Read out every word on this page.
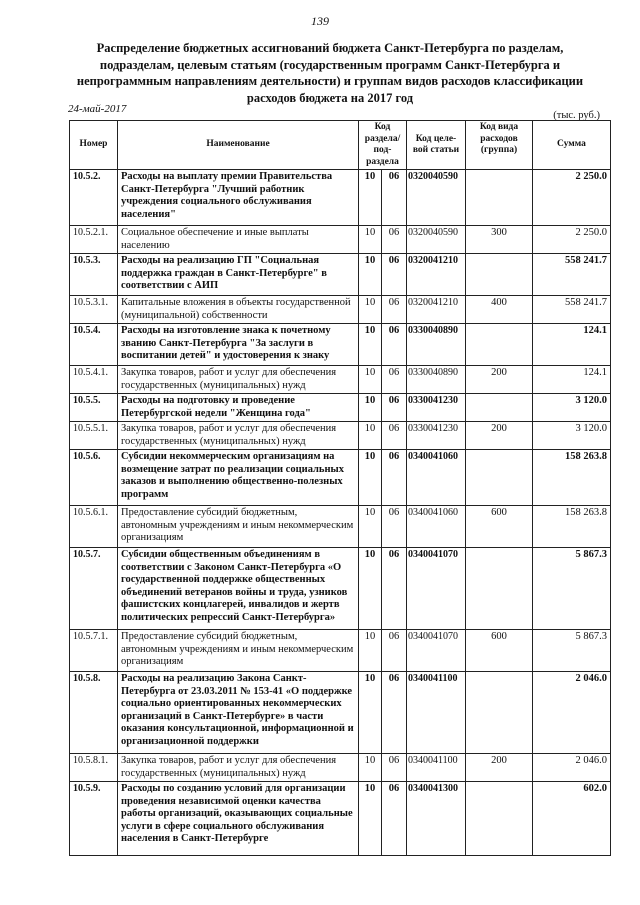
139
Распределение бюджетных ассигнований бюджета Санкт-Петербурга по разделам, подразделам, целевым статьям (государственным программ Санкт-Петербурга и непрограммным направлениям деятельности) и группам видов расходов классификации расходов бюджета на 2017 год
24-май-2017
(тыс. руб.)
Номер	Наименование	Код раздела/ под-раздела		Код целе-вой статьи	Код вида расходов (группа)	Сумма
10.5.2.	Расходы на выплату премии Правительства Санкт-Петербурга "Лучший работник учреждения социального обслуживания населения"	10	06	0320040590		2 250.0
10.5.2.1.	Социальное обеспечение и иные выплаты населению	10	06	0320040590	300	2 250.0
10.5.3.	Расходы на реализацию ГП "Социальная поддержка граждан в Санкт-Петербурге" в соответствии с АИП	10	06	0320041210		558 241.7
10.5.3.1.	Капитальные вложения в объекты государственной (муниципальной) собственности	10	06	0320041210	400	558 241.7
10.5.4.	Расходы на изготовление знака к почетному званию Санкт-Петербурга "За заслуги в воспитании детей" и удостоверения к знаку	10	06	0330040890		124.1
10.5.4.1.	Закупка товаров, работ и услуг для обеспечения государственных (муниципальных) нужд	10	06	0330040890	200	124.1
10.5.5.	Расходы на подготовку и проведение Петербургской недели "Женщина года"	10	06	0330041230		3 120.0
10.5.5.1.	Закупка товаров, работ и услуг для обеспечения государственных (муниципальных) нужд	10	06	0330041230	200	3 120.0
10.5.6.	Субсидии некоммерческим организациям на возмещение затрат по реализации социальных заказов и выполнению общественно-полезных программ	10	06	0340041060		158 263.8
10.5.6.1.	Предоставление субсидий бюджетным, автономным учреждениям и иным некоммерческим организациям	10	06	0340041060	600	158 263.8
10.5.7.	Субсидии общественным объединениям в соответствии с Законом Санкт-Петербурга «О государственной поддержке общественных объединений ветеранов войны и труда, узников фашистских концлагерей, инвалидов и жертв политических репрессий Санкт-Петербурга»	10	06	0340041070		5 867.3
10.5.7.1.	Предоставление субсидий бюджетным, автономным учреждениям и иным некоммерческим организациям	10	06	0340041070	600	5 867.3
10.5.8.	Расходы на реализацию Закона Санкт-Петербурга от 23.03.2011 № 153-41 «О поддержке социально ориентированных некоммерческих организаций в Санкт-Петербурге» в части оказания консультационной, информационной и организационной поддержки	10	06	0340041100		2 046.0
10.5.8.1.	Закупка товаров, работ и услуг для обеспечения государственных (муниципальных) нужд	10	06	0340041100	200	2 046.0
10.5.9.	Расходы по созданию условий для организации проведения независимой оценки качества работы организаций, оказывающих социальные услуги в сфере социального обслуживания населения в Санкт-Петербурге	10	06	0340041300		602.0
